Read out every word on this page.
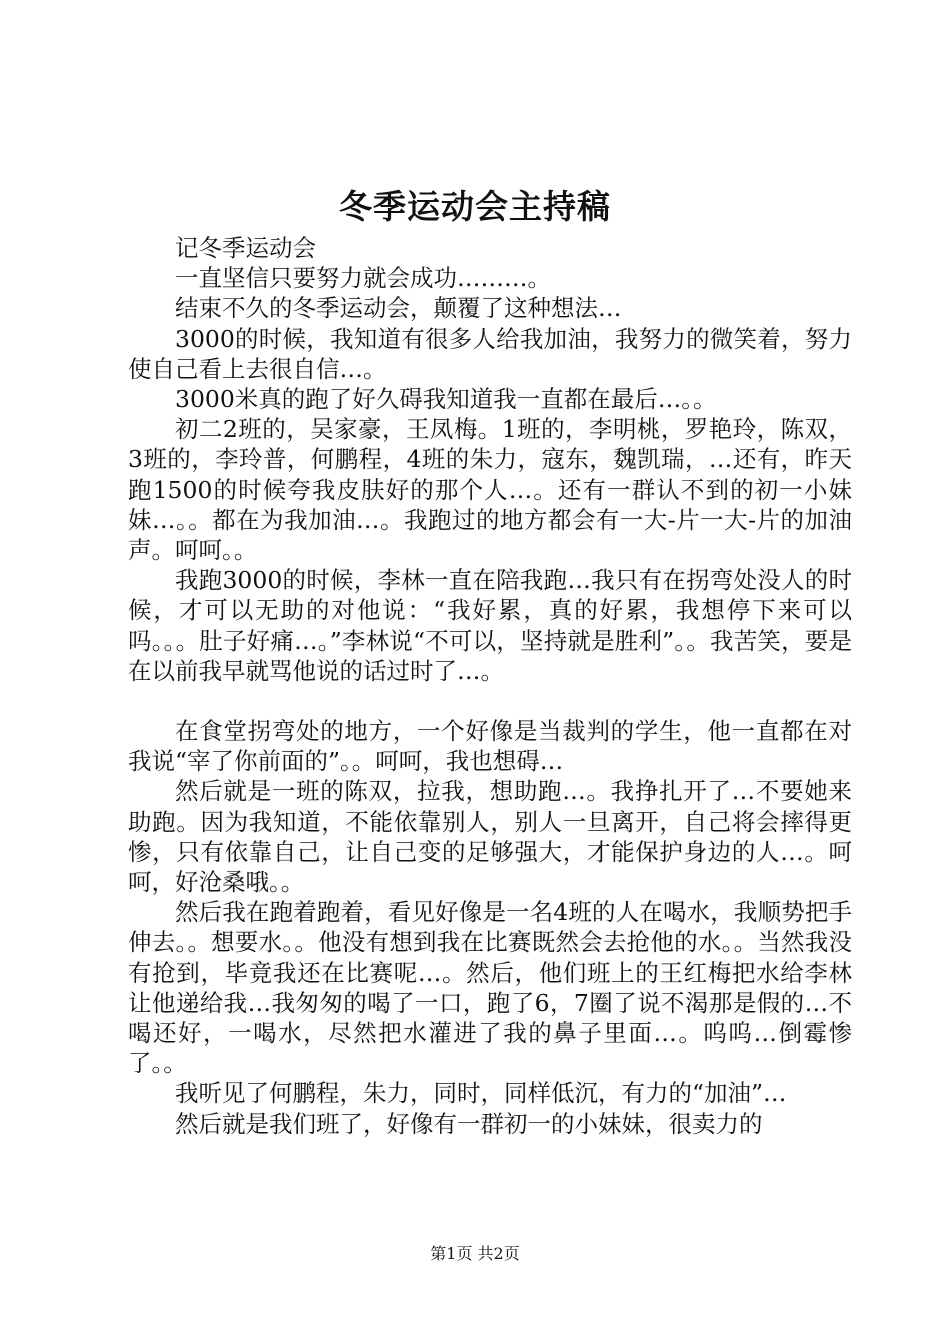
冬季运动会主持稿

记冬季运动会

一直坚信只要努力就会成功………。

结束不久的冬季运动会，颠覆了这种想法…

3000的时候，我知道有很多人给我加油，我努力的微笑着，努力使自己看上去很自信…。

3000米真的跑了好久碍我知道我一直都在最后…。。

初二2班的，吴家豪，王凤梅。1班的，李明桃，罗艳玲，陈双，3班的，李玲普，何鹏程，4班的朱力，寇东，魏凯瑞，…还有，昨天跑1500的时候夸我皮肤好的那个人…。还有一群认不到的初一小妹妹…。。都在为我加油…。我跑过的地方都会有一大-片一大-片的加油声。呵呵。。

我跑3000的时候，李林一直在陪我跑…我只有在拐弯处没人的时候，才可以无助的对他说：“我好累，真的好累，我想停下来可以吗。。。肚子好痛…。”李林说“不可以，坚持就是胜利”。。我苦笑，要是在以前我早就骂他说的话过时了…。

在食堂拐弯处的地方，一个好像是当裁判的学生，他一直都在对我说“宰了你前面的”。。呵呵，我也想碍…

然后就是一班的陈双，拉我，想助跑…。我挣扎开了…不要她来助跑。因为我知道，不能依靠别人，别人一旦离开，自己将会摔得更惨，只有依靠自己，让自己变的足够强大，才能保护身边的人…。呵呵，好沧桑哦。。

然后我在跑着跑着，看见好像是一名4班的人在喝水，我顺势把手伸去。。想要水。。他没有想到我在比赛既然会去抢他的水。。当然我没有抢到，毕竟我还在比赛呢…。然后，他们班上的王红梅把水给李林让他递给我…我匆匆的喝了一口，跑了6，7圈了说不渴那是假的…不喝还好，一喝水，尽然把水灌进了我的鼻子里面…。呜呜…倒霉惨了。。

我听见了何鹏程，朱力，同时，同样低沉，有力的“加油”…

然后就是我们班了，好像有一群初一的小妹妹，很卖力的

第1页 共2页
